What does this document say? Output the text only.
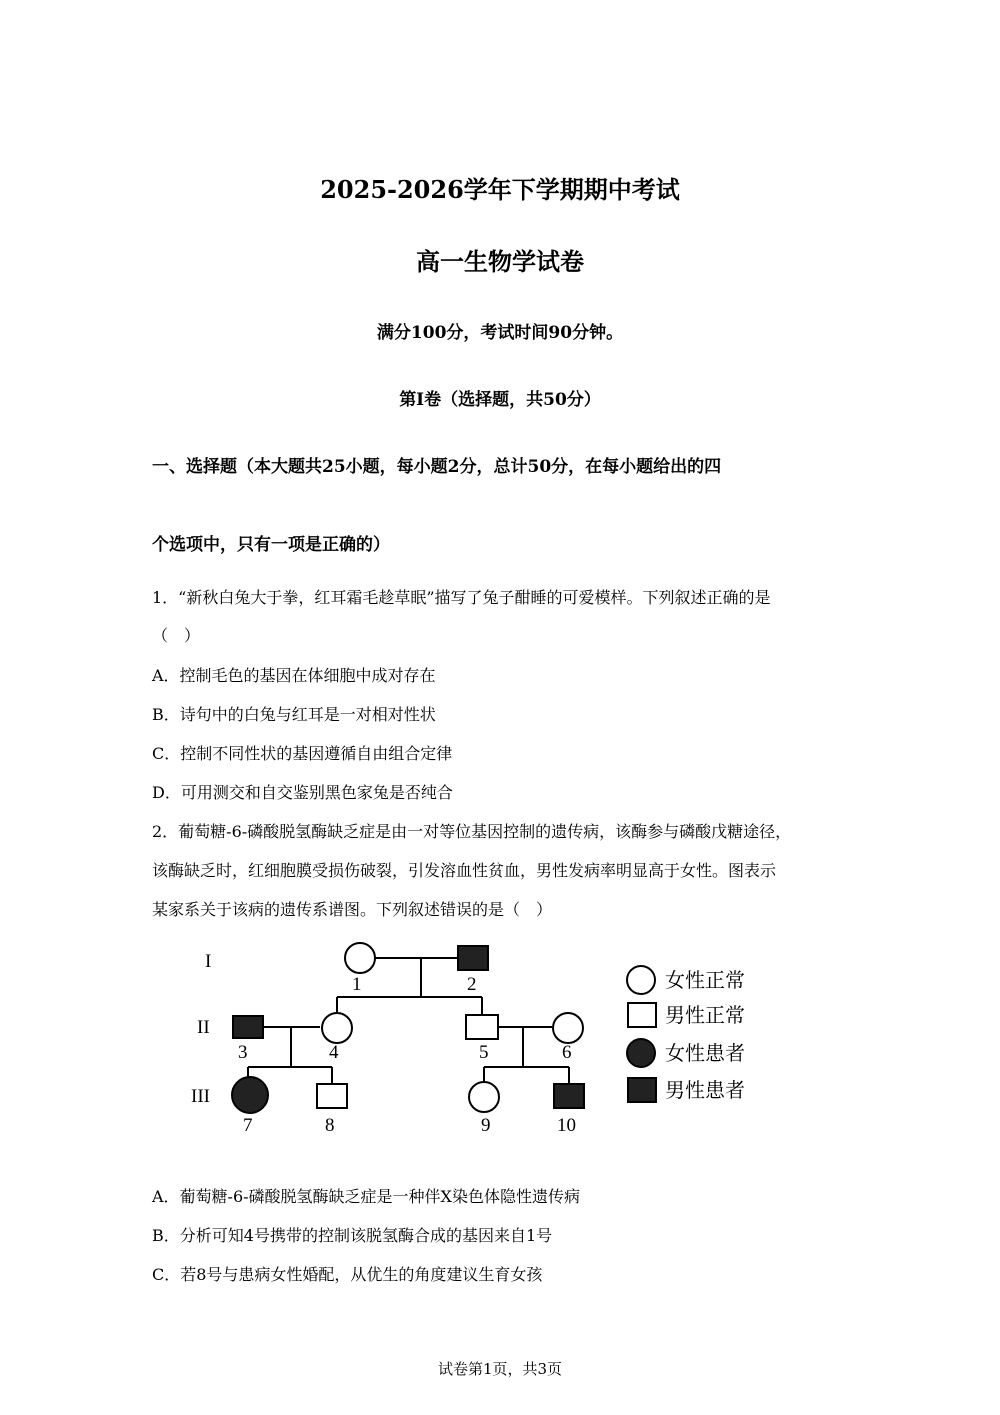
2025-2026学年下学期期中考试
高一生物学试卷
满分100分，考试时间90分钟。
第I卷（选择题，共50分）
一、选择题（本大题共25小题，每小题2分，总计50分，在每小题给出的四
个选项中，只有一项是正确的）
1．“新秋白兔大于拳，红耳霜毛趁草眠”描写了兔子酣睡的可爱模样。下列叙述正确的是
（　）
A．控制毛色的基因在体细胞中成对存在
B．诗句中的白兔与红耳是一对相对性状
C．控制不同性状的基因遵循自由组合定律
D．可用测交和自交鉴别黑色家兔是否纯合
2．葡萄糖-6-磷酸脱氢酶缺乏症是由一对等位基因控制的遗传病，该酶参与磷酸戊糖途径，
该酶缺乏时，红细胞膜受损伤破裂，引发溶血性贫血，男性发病率明显高于女性。图表示
某家系关于该病的遗传系谱图。下列叙述错误的是（　）
I
II
III
1	2
3	4	5	6
7	8	9	10
女性正常
男性正常
女性患者
男性患者
A．葡萄糖-6-磷酸脱氢酶缺乏症是一种伴X染色体隐性遗传病
B．分析可知4号携带的控制该脱氢酶合成的基因来自1号
C．若8号与患病女性婚配，从优生的角度建议生育女孩
试卷第1页，共3页
